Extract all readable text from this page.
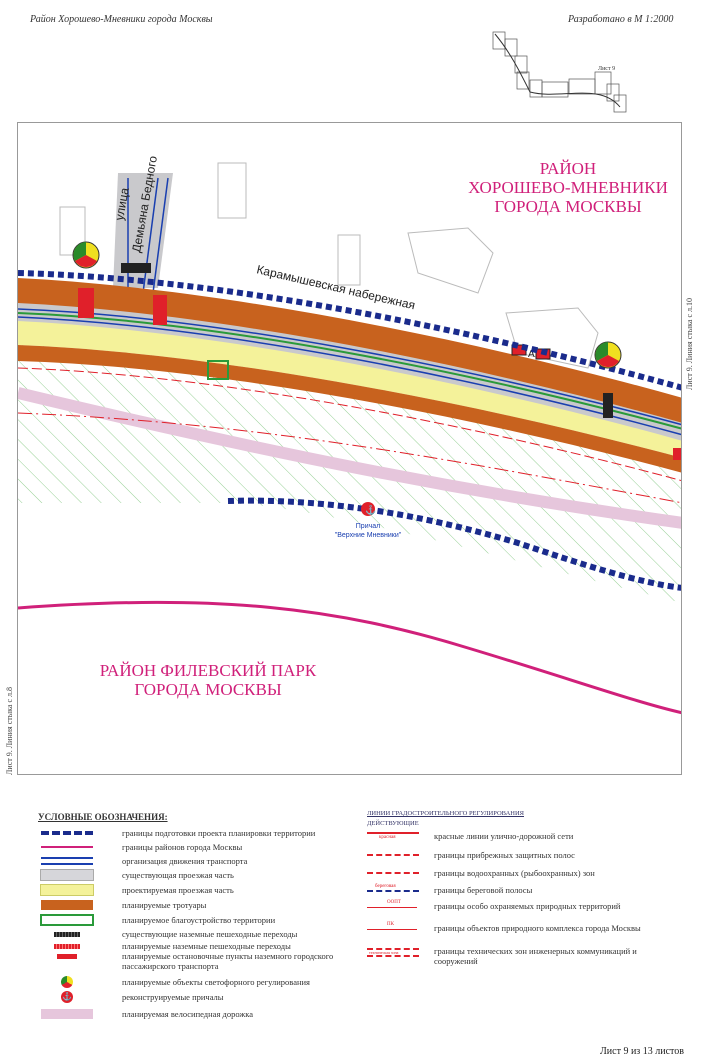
Район Хорошево-Мневники города Москвы	Разработано в М 1:2000
Лист 9
А
⚓
Причал
"Верхние Мневники"
Карамышевская набережная
улица
Демьяна Бедного	РАЙОН
ХОРОШЕВО-МНЕВНИКИ
ГОРОДА МОСКВЫ
РАЙОН ФИЛЕВСКИЙ ПАРК
ГОРОДА МОСКВЫ
Лист 9. Линия стыка с л.10
Лист 9. Линия стыка с л.8
УСЛОВНЫЕ ОБОЗНАЧЕНИЯ:
границы подготовки проекта планировки территории
границы районов города Москвы
организация движения транспорта
существующая проезжая часть
проектируемая проезжая часть
планируемые тротуары
планируемое благоустройство территории
существующие наземные пешеходные переходы
планируемые наземные пешеходные переходы
планируемые остановочные пункты наземного городского пассажирского транспорта
планируемые объекты светофорного регулирования
⚓	реконструируемые причалы
планируемая велосипедная дорожка
ЛИНИИ ГРАДОСТРОИТЕЛЬНОГО РЕГУЛИРОВАНИЯ
ДЕЙСТВУЮЩИЕ
красная	красные линии улично-дорожной сети
границы прибрежных защитных полос
границы водоохранных (рыбоохранных) зон
береговая	границы береговой полосы
ООПТ	границы особо охраняемых природных территорий
ПК	границы объектов природного комплекса города Москвы
техническая зона	границы технических зон инженерных коммуникаций и сооружений
Лист 9 из 13 листов
